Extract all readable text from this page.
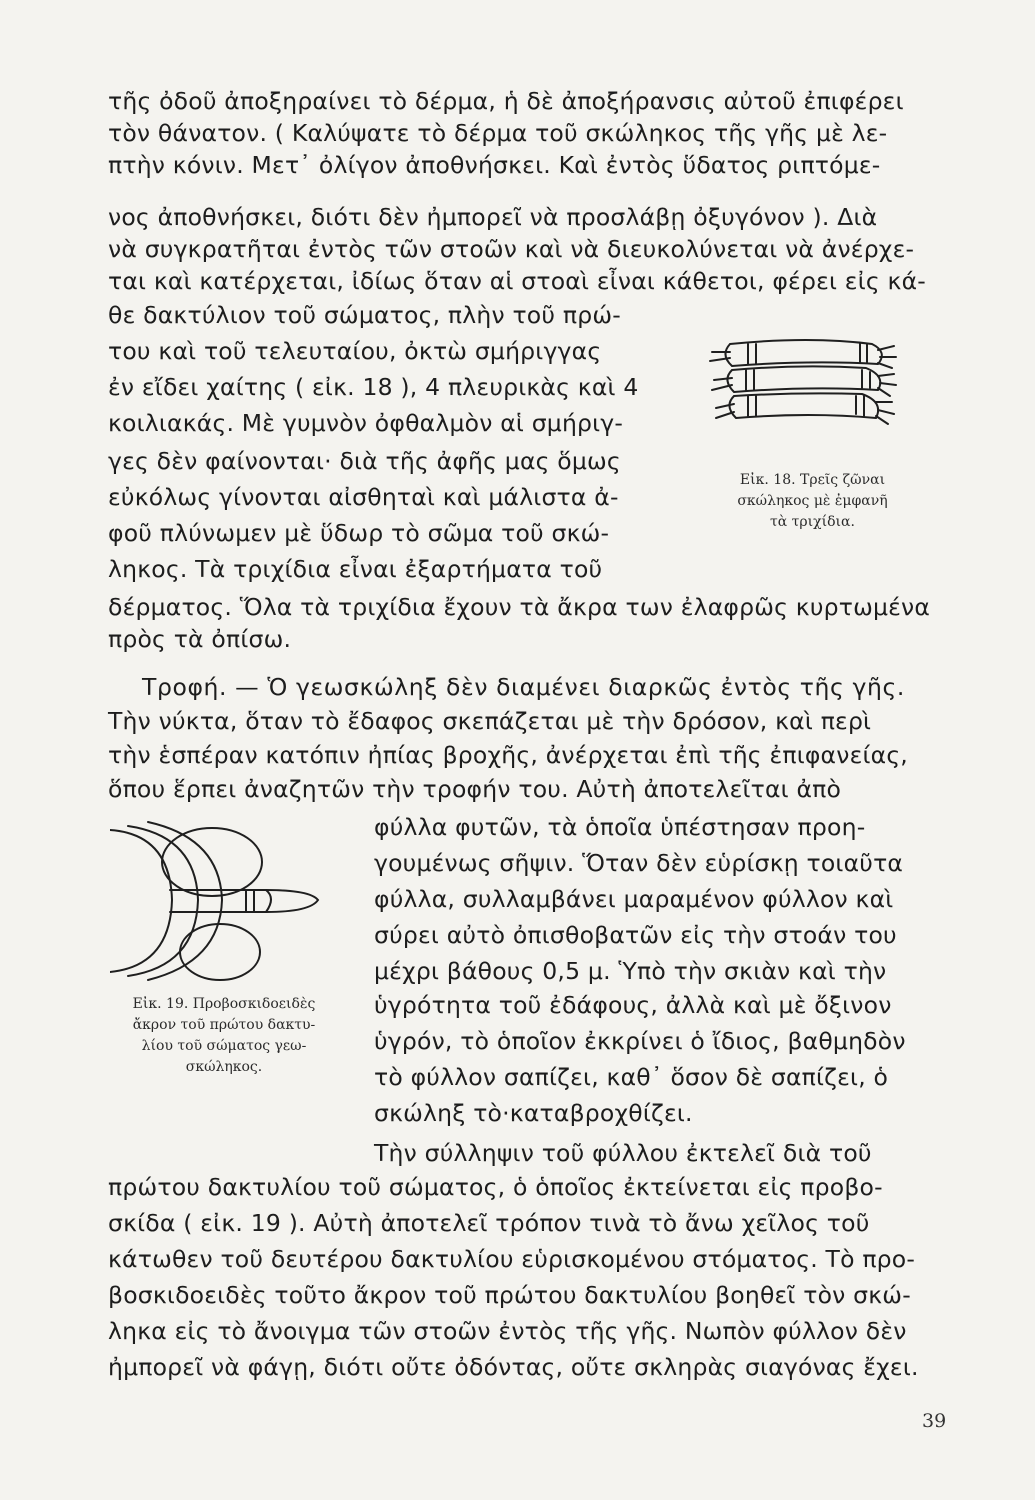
τῆς ὀδοῦ ἀποξηραίνει τὸ δέρμα, ἡ δὲ ἀποξήρανσις αὐτοῦ ἐπιφέρει
τὸν θάνατον. ( Καλύψατε τὸ δέρμα τοῦ σκώληκος τῆς γῆς μὲ λε-
πτὴν κόνιν. Μετ᾽ ὀλίγον ἀποθνήσκει. Καὶ ἐντὸς ὕδατος ριπτόμε-
νος ἀποθνήσκει, διότι δὲν ἠμπορεῖ νὰ προσλάβῃ ὀξυγόνον ). Διὰ
νὰ συγκρατῆται ἐντὸς τῶν στοῶν καὶ νὰ διευκολύνεται νὰ ἀνέρχε-
ται καὶ κατέρχεται, ἰδίως ὅταν αἱ στοαὶ εἶναι κάθετοι, φέρει εἰς κά-
θε δακτύλιον τοῦ σώματος, πλὴν τοῦ πρώ-
του καὶ τοῦ τελευταίου, ὀκτὼ σμήριγγας
ἐν εἴδει χαίτης ( εἰκ. 18 ), 4 πλευρικὰς καὶ 4
κοιλιακάς. Μὲ γυμνὸν ὀφθαλμὸν αἱ σμήριγ-
γες δὲν φαίνονται· διὰ τῆς ἀφῆς μας ὅμως
εὐκόλως γίνονται αἰσθηταὶ καὶ μάλιστα ἀ-
φοῦ πλύνωμεν μὲ ὕδωρ τὸ σῶμα τοῦ σκώ-
ληκος. Τὰ τριχίδια εἶναι ἐξαρτήματα τοῦ
δέρματος. Ὅλα τὰ τριχίδια ἔχουν τὰ ἄκρα των ἐλαφρῶς κυρτωμένα
πρὸς τὰ ὀπίσω.
Τροφή. — Ὁ γεωσκώληξ δὲν διαμένει διαρκῶς ἐντὸς τῆς γῆς.
Τὴν νύκτα, ὅταν τὸ ἔδαφος σκεπάζεται μὲ τὴν δρόσον, καὶ περὶ
τὴν ἑσπέραν κατόπιν ἠπίας βροχῆς, ἀνέρχεται ἐπὶ τῆς ἐπιφανείας,
ὅπου ἕρπει ἀναζητῶν τὴν τροφήν του. Αὐτὴ ἀποτελεῖται ἀπὸ
φύλλα φυτῶν, τὰ ὁποῖα ὑπέστησαν προη-
γουμένως σῆψιν. Ὅταν δὲν εὑρίσκῃ τοιαῦτα
φύλλα, συλλαμβάνει μαραμένον φύλλον καὶ
σύρει αὐτὸ ὀπισθοβατῶν εἰς τὴν στοάν του
μέχρι βάθους 0,5 μ. Ὑπὸ τὴν σκιὰν καὶ τὴν
ὑγρότητα τοῦ ἐδάφους, ἀλλὰ καὶ μὲ ὄξινον
ὑγρόν, τὸ ὁποῖον ἐκκρίνει ὁ ἴδιος, βαθμηδὸν
τὸ φύλλον σαπίζει, καθ᾽ ὅσον δὲ σαπίζει, ὁ
σκώληξ τὸ·καταβροχθίζει.
Τὴν σύλληψιν τοῦ φύλλου ἐκτελεῖ διὰ τοῦ
πρώτου δακτυλίου τοῦ σώματος, ὁ ὁποῖος ἐκτείνεται εἰς προβο-
σκίδα ( εἰκ. 19 ). Αὐτὴ ἀποτελεῖ τρόπον τινὰ τὸ ἄνω χεῖλος τοῦ
κάτωθεν τοῦ δευτέρου δακτυλίου εὑρισκομένου στόματος. Τὸ προ-
βοσκιδοειδὲς τοῦτο ἄκρον τοῦ πρώτου δακτυλίου βοηθεῖ τὸν σκώ-
ληκα εἰς τὸ ἄνοιγμα τῶν στοῶν ἐντὸς τῆς γῆς. Νωπὸν φύλλον δὲν
ἠμπορεῖ νὰ φάγῃ, διότι οὔτε ὀδόντας, οὔτε σκληρὰς σιαγόνας ἔχει.
Εἰκ. 18. Τρεῖς ζῶναι
σκώληκος μὲ ἐμφανῆ
τὰ τριχίδια.
Εἰκ. 19. Προβοσκιδοειδὲς
ἄκρον τοῦ πρώτου δακτυ-
λίου τοῦ σώματος γεω-
σκώληκος.
39
